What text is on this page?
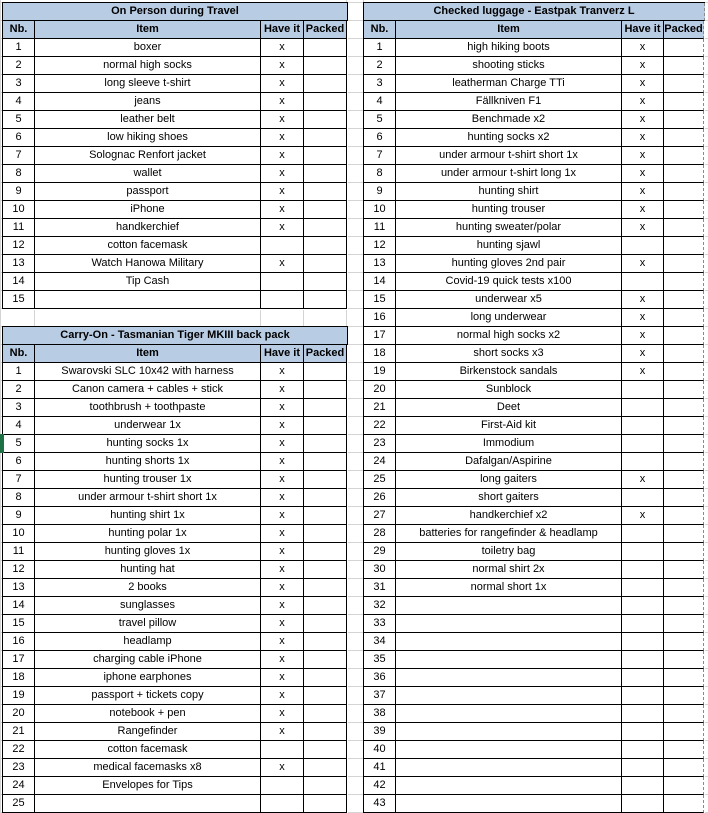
On Person during Travel
Nb.	Item	Have it Packed
1	boxer	x
2	normal high socks	x
3	long sleeve t-shirt	x
4	jeans	x
5	leather belt	x
6	low hiking shoes	x
7	Solognac Renfort jacket	x
8	wallet	x
9	passport	x
10	iPhone	x
11	handkerchief	x
12	cotton facemask
13	Watch Hanowa Military	x
14	Tip Cash
15
Carry-On - Tasmanian Tiger MKIII back pack
Nb.	Item	Have it Packed
1	Swarovski SLC 10x42 with harness	x
2	Canon camera + cables + stick	x
3	toothbrush + toothpaste	x
4	underwear 1x	x
5	hunting socks 1x	x
6	hunting shorts 1x	x
7	hunting trouser 1x	x
8	under armour t-shirt short 1x	x
9	hunting shirt 1x	x
10	hunting polar 1x	x
11	hunting gloves 1x	x
12	hunting hat	x
13	2 books	x
14	sunglasses	x
15	travel pillow	x
16	headlamp	x
17	charging cable iPhone	x
18	iphone earphones	x
19	passport + tickets copy	x
20	notebook + pen	x
21	Rangefinder	x
22	cotton facemask
23	medical facemasks x8	x
24	Envelopes for Tips
25
Checked luggage - Eastpak Tranverz L
Nb.	Item	Have it Packed
1	high hiking boots	x
2	shooting sticks	x
3	leatherman Charge TTi	x
4	Fällkniven F1	x
5	Benchmade x2	x
6	hunting socks x2	x
7	under armour t-shirt short 1x	x
8	under armour t-shirt long 1x	x
9	hunting shirt	x
10	hunting trouser	x
11	hunting sweater/polar	x
12	hunting sjawl
13	hunting gloves 2nd pair	x
14	Covid-19 quick tests x100
15	underwear x5	x
16	long underwear	x
17	normal high socks x2	x
18	short socks x3	x
19	Birkenstock sandals	x
20	Sunblock
21	Deet
22	First-Aid kit
23	Immodium
24	Dafalgan/Aspirine
25	long gaiters	x
26	short gaiters
27	handkerchief x2	x
28	batteries for rangefinder & headlamp
29	toiletry bag
30	normal shirt 2x
31	normal short 1x
32
33
34
35
36
37
38
39
40
41
42
43
